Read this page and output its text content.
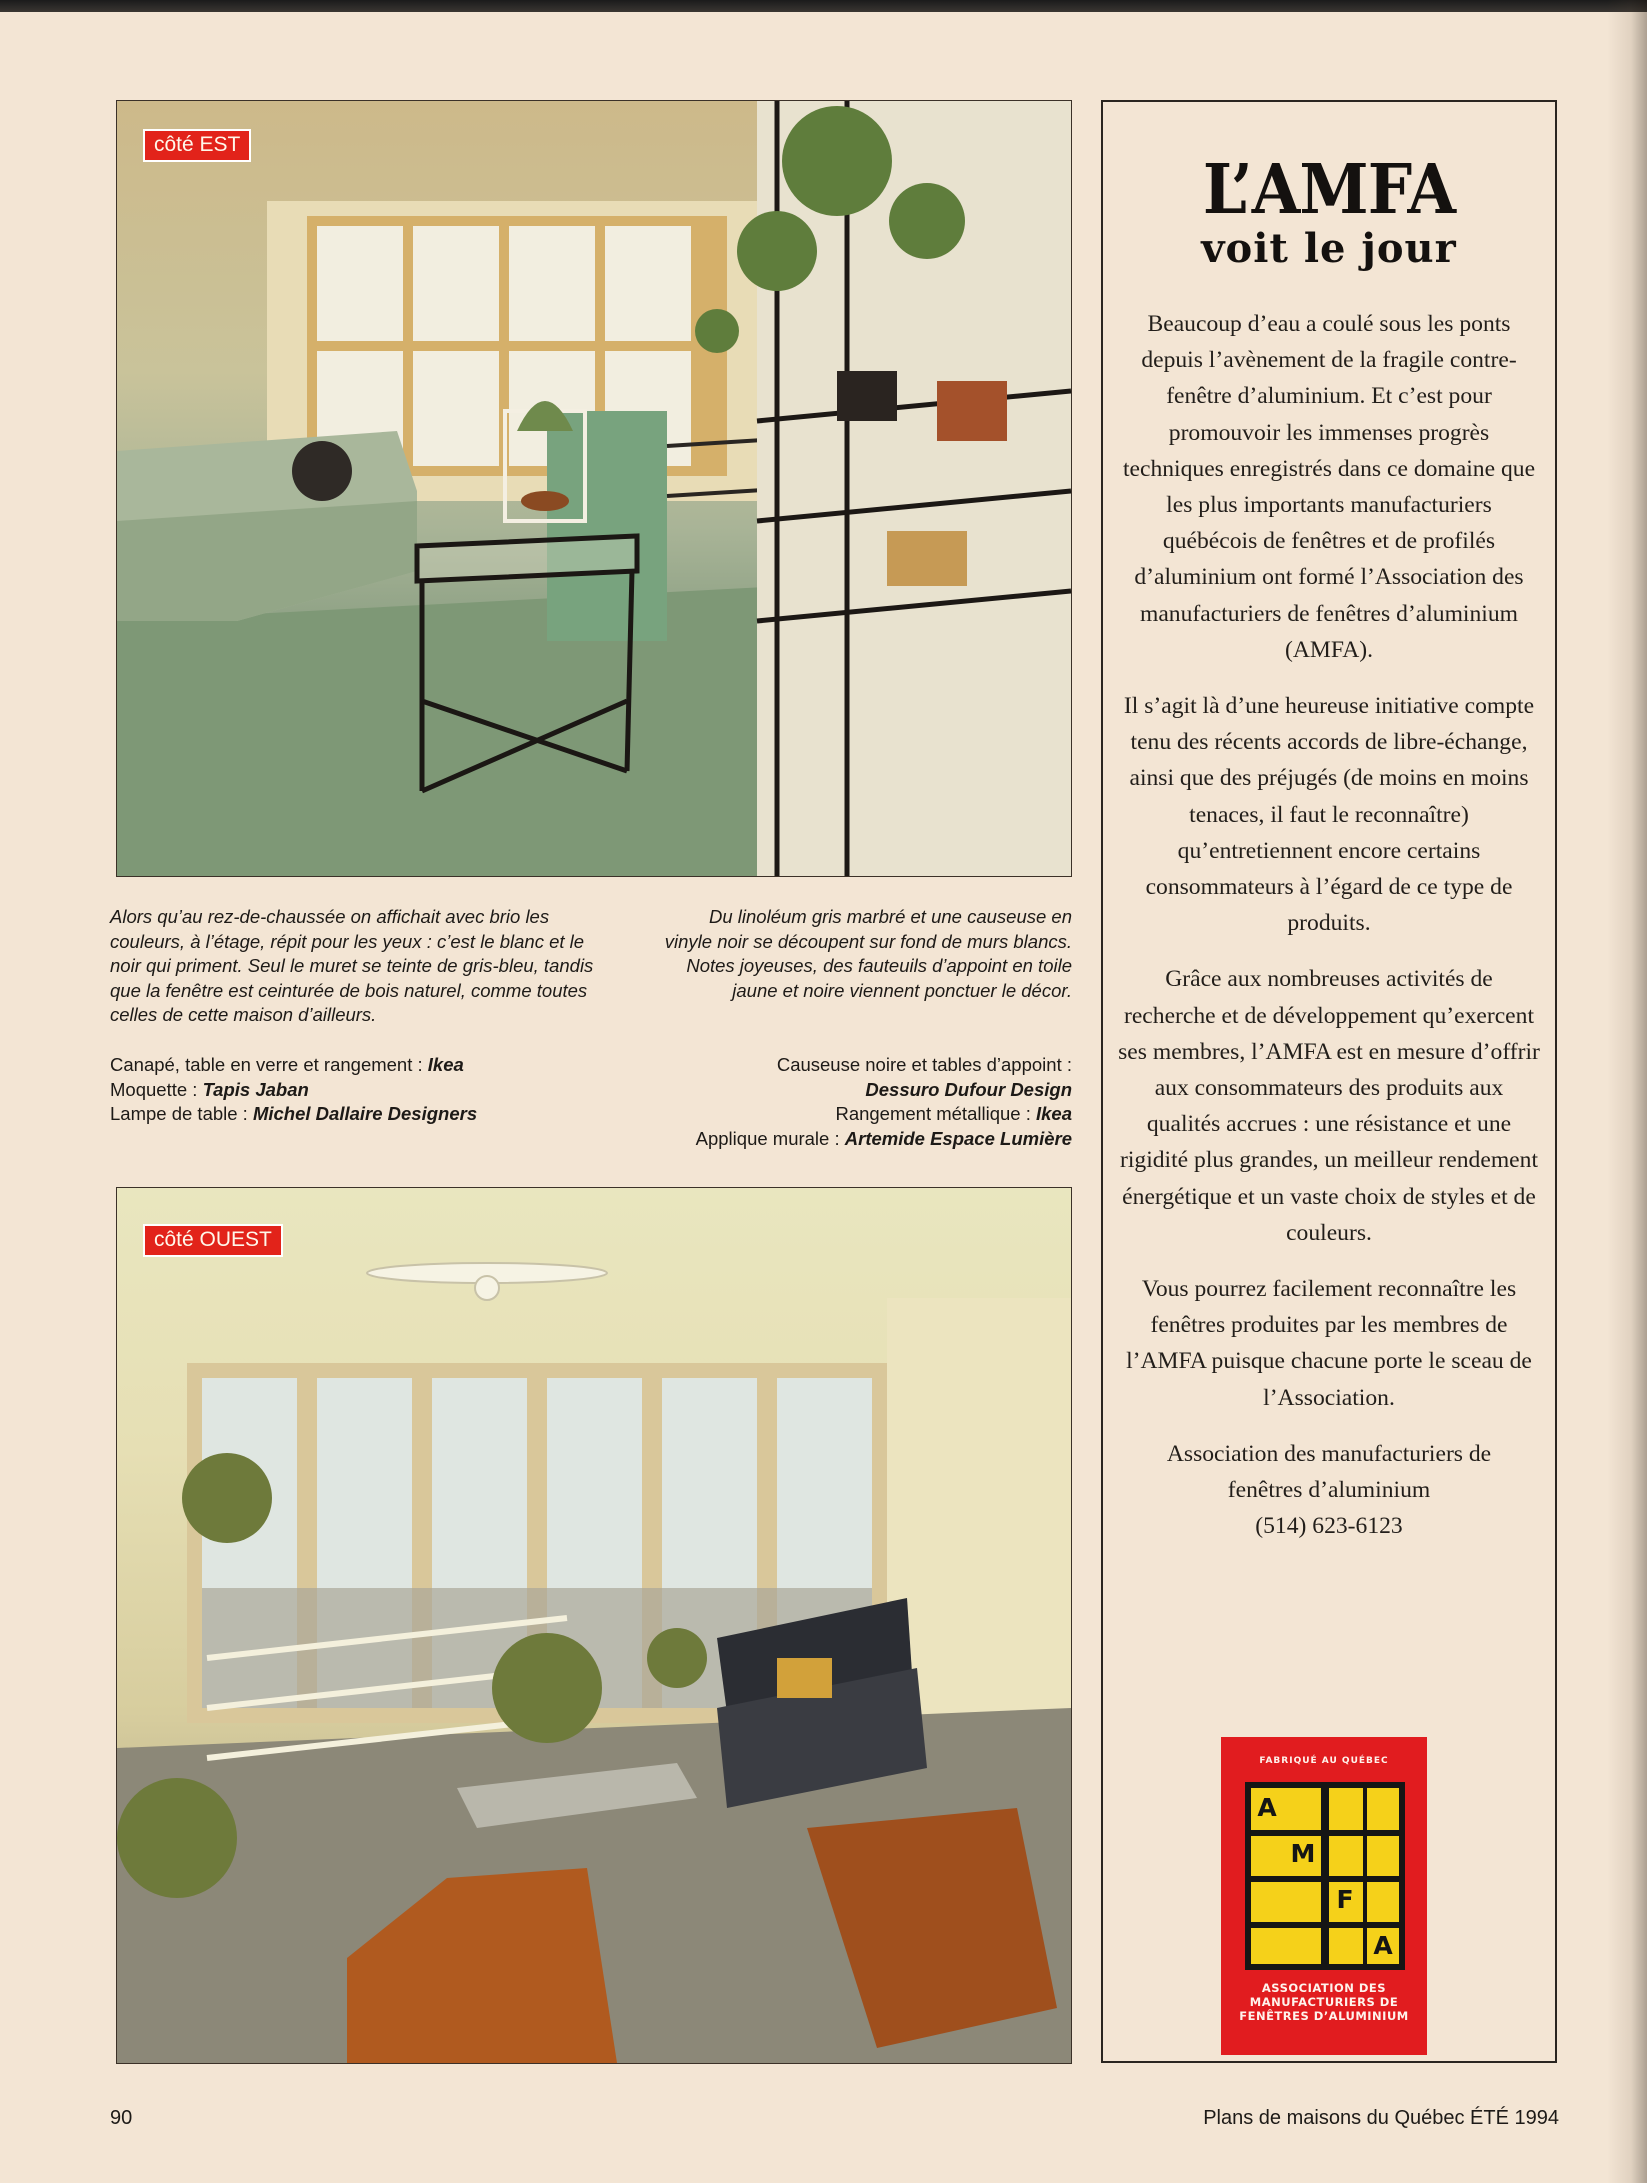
côté EST

Alors qu’au rez-de-chaussée on affichait avec brio les couleurs, à l’étage, répit pour les yeux : c’est le blanc et le noir qui priment. Seul le muret se teinte de gris-bleu, tandis que la fenêtre est ceinturée de bois naturel, comme toutes celles de cette maison d’ailleurs.

Du linoléum gris marbré et une causeuse en vinyle noir se découpent sur fond de murs blancs. Notes joyeuses, des fauteuils d’appoint en toile jaune et noire viennent ponctuer le décor.

Canapé, table en verre et rangement : Ikea
Moquette : Tapis Jaban
Lampe de table : Michel Dallaire Designers
Causeuse noire et tables d’appoint :
Dessuro Dufour Design
Rangement métallique : Ikea
Applique murale : Artemide Espace Lumière
côté OUEST
L’AMFA
voit le jour

Beaucoup d’eau a coulé sous les ponts depuis l’avènement de la fragile contre-fenêtre d’aluminium. Et c’est pour promouvoir les immenses progrès techniques enregistrés dans ce domaine que les plus importants manufacturiers québécois de fenêtres et de profilés d’aluminium ont formé l’Association des manufacturiers de fenêtres d’aluminium (AMFA).

Il s’agit là d’une heureuse initiative compte tenu des récents accords de libre-échange, ainsi que des préjugés (de moins en moins tenaces, il faut le reconnaître) qu’entretiennent encore certains consommateurs à l’égard de ce type de produits.

Grâce aux nombreuses activités de recherche et de développement qu’exercent ses membres, l’AMFA est en mesure d’offrir aux consommateurs des produits aux qualités accrues : une résistance et une rigidité plus grandes, un meilleur rendement énergétique et un vaste choix de styles et de couleurs.

Vous pourrez facilement reconnaître les fenêtres produites par les membres de l’AMFA puisque chacune porte le sceau de l’Association.

Association des manufacturiers de
fenêtres d’aluminium
(514) 623-6123
FABRIQUÉ AU QUÉBEC
A
M
F
A

ASSOCIATION DES MANUFACTURIERS DE FENÊTRES D’ALUMINIUM

90	Plans de maisons du Québec ÉTÉ 1994
